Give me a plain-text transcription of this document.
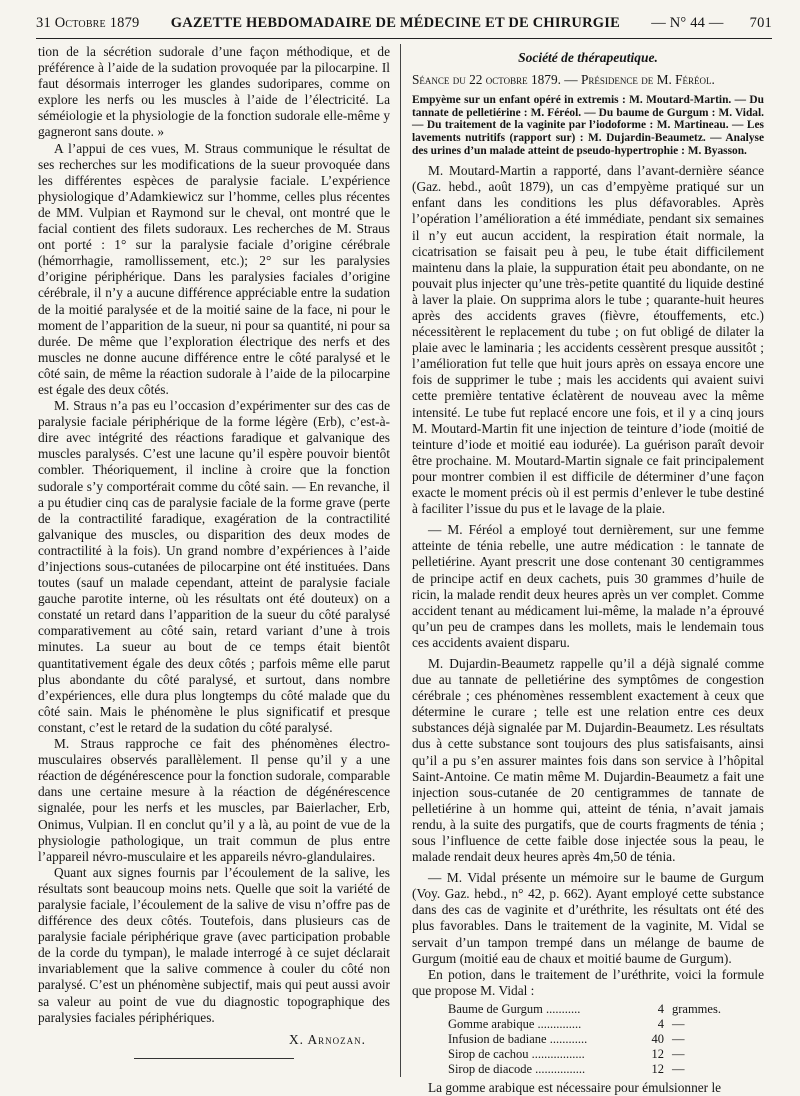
31 Octobre 1879 GAZETTE HEBDOMADAIRE DE MÉDECINE ET DE CHIRURGIE — N° 44 — 701

tion de la sécrétion sudorale d’une façon méthodique, et de préférence à l’aide de la sudation provoquée par la pilocarpine. Il faut désormais interroger les glandes sudoripares, comme on explore les nerfs ou les muscles à l’aide de l’électricité. La séméiologie et la physiologie de la fonction sudorale elle-même y gagneront sans doute. »

A l’appui de ces vues, M. Straus communique le résultat de ses recherches sur les modifications de la sueur provoquée dans les différentes espèces de paralysie faciale. L’expérience physiologique d’Adamkiewicz sur l’homme, celles plus récentes de MM. Vulpian et Raymond sur le cheval, ont montré que le facial contient des filets sudoraux. Les recherches de M. Straus ont porté : 1° sur la paralysie faciale d’origine cérébrale (hémorrhagie, ramollissement, etc.); 2° sur les paralysies d’origine périphérique. Dans les paralysies faciales d’origine cérébrale, il n’y a aucune différence appréciable entre la sudation de la moitié paralysée et de la moitié saine de la face, ni pour le moment de l’apparition de la sueur, ni pour sa quantité, ni pour sa durée. De même que l’exploration électrique des nerfs et des muscles ne donne aucune différence entre le côté paralysé et le côté sain, de même la réaction sudorale à l’aide de la pilocarpine est égale des deux côtés.

M. Straus n’a pas eu l’occasion d’expérimenter sur des cas de paralysie faciale périphérique de la forme légère (Erb), c’est-à-dire avec intégrité des réactions faradique et galvanique des muscles paralysés. C’est une lacune qu’il espère pouvoir bientôt combler. Théoriquement, il incline à croire que la fonction sudorale s’y comportérait comme du côté sain. — En revanche, il a pu étudier cinq cas de paralysie faciale de la forme grave (perte de la contractilité faradique, exagération de la contractilité galvanique des muscles, ou disparition des deux modes de contractilité à la fois). Un grand nombre d’expériences à l’aide d’injections sous-cutanées de pilocarpine ont été instituées. Dans toutes (sauf un malade cependant, atteint de paralysie faciale gauche parotite interne, où les résultats ont été douteux) on a constaté un retard dans l’apparition de la sueur du côté paralysé comparativement au côté sain, retard variant d’une à trois minutes. La sueur au bout de ce temps était bientôt quantitativement égale des deux côtés ; parfois même elle parut plus abondante du côté paralysé, et surtout, dans nombre d’expériences, elle dura plus longtemps du côté malade que du côté sain. Mais le phénomène le plus significatif et presque constant, c’est le retard de la sudation du côté paralysé.

M. Straus rapproche ce fait des phénomènes électro-musculaires observés parallèlement. Il pense qu’il y a une réaction de dégénérescence pour la fonction sudorale, comparable dans une certaine mesure à la réaction de dégénérescence signalée, pour les nerfs et les muscles, par Baierlacher, Erb, Onimus, Vulpian. Il en conclut qu’il y a là, au point de vue de la physiologie pathologique, un trait commun de plus entre l’appareil névro-musculaire et les appareils névro-glandulaires.

Quant aux signes fournis par l’écoulement de la salive, les résultats sont beaucoup moins nets. Quelle que soit la variété de paralysie faciale, l’écoulement de la salive de visu n’offre pas de différence des deux côtés. Toutefois, dans plusieurs cas de paralysie faciale périphérique grave (avec participation probable de la corde du tympan), le malade interrogé à ce sujet déclarait invariablement que la salive commence à couler du côté non paralysé. C’est un phénomène subjectif, mais qui peut aussi avoir sa valeur au point de vue du diagnostic topographique des paralysies faciales périphériques.

X. Arnozan.
Société de thérapeutique.

Séance du 22 octobre 1879. — Présidence de M. Féréol.

Empyème sur un enfant opéré in extremis : M. Moutard-Martin. — Du tannate de pelletiérine : M. Féréol. — Du baume de Gurgum : M. Vidal. — Du traitement de la vaginite par l’iodoforme : M. Martineau. — Les lavements nutritifs (rapport sur) : M. Dujardin-Beaumetz. — Analyse des urines d’un malade atteint de pseudo-hypertrophie : M. Byasson.

M. Moutard-Martin a rapporté, dans l’avant-dernière séance (Gaz. hebd., août 1879), un cas d’empyème pratiqué sur un enfant dans les conditions les plus défavorables. Après l’opération l’amélioration a été immédiate, pendant six semaines il n’y eut aucun accident, la respiration était normale, la cicatrisation se faisait peu à peu, le tube était difficilement maintenu dans la plaie, la suppuration était peu abondante, on ne pouvait plus injecter qu’une très-petite quantité du liquide destiné à laver la plaie. On supprima alors le tube ; quarante-huit heures après des accidents graves (fièvre, étouffements, etc.) nécessitèrent le replacement du tube ; on fut obligé de dilater la plaie avec le laminaria ; les accidents cessèrent presque aussitôt ; l’amélioration fut telle que huit jours après on essaya encore une fois de supprimer le tube ; mais les accidents qui avaient suivi cette première tentative éclatèrent de nouveau avec la même intensité. Le tube fut replacé encore une fois, et il y a cinq jours M. Moutard-Martin fit une injection de teinture d’iode (moitié de teinture d’iode et moitié eau iodurée). La guérison paraît devoir être prochaine. M. Moutard-Martin signale ce fait principalement pour montrer combien il est difficile de déterminer d’une façon exacte le moment précis où il est permis d’enlever le tube destiné à faciliter l’issue du pus et le lavage de la plaie.

— M. Féréol a employé tout dernièrement, sur une femme atteinte de ténia rebelle, une autre médication : le tannate de pelletiérine. Ayant prescrit une dose contenant 30 centigrammes de principe actif en deux cachets, puis 30 grammes d’huile de ricin, la malade rendit deux heures après un ver complet. Comme accident tenant au médicament lui-même, la malade n’a éprouvé qu’un peu de crampes dans les mollets, mais le lendemain tous ces accidents avaient disparu.

M. Dujardin-Beaumetz rappelle qu’il a déjà signalé comme due au tannate de pelletiérine des symptômes de congestion cérébrale ; ces phénomènes ressemblent exactement à ceux que détermine le curare ; telle est une relation entre ces deux substances déjà signalée par M. Dujardin-Beaumetz. Les résultats dus à cette substance sont toujours des plus satisfaisants, ainsi qu’il a pu s’en assurer maintes fois dans son service à l’hôpital Saint-Antoine. Ce matin même M. Dujardin-Beaumetz a fait une injection sous-cutanée de 20 centigrammes de tannate de pelletiérine à un homme qui, atteint de ténia, n’avait jamais rendu, à la suite des purgatifs, que de courts fragments de ténia ; sous l’influence de cette faible dose injectée sous la peau, le malade rendait deux heures après 4m,50 de ténia.

— M. Vidal présente un mémoire sur le baume de Gurgum (Voy. Gaz. hebd., n° 42, p. 662). Ayant employé cette substance dans des cas de vaginite et d’uréthrite, les résultats ont été des plus favorables. Dans le traitement de la vaginite, M. Vidal se servait d’un tampon trempé dans un mélange de baume de Gurgum (moitié eau de chaux et moitié baume de Gurgum).

En potion, dans le traitement de l’uréthrite, voici la formule que propose M. Vidal :

Baume de Gurgum ...........	4 grammes.
Gomme arabique ..............	4 —
Infusion de badiane ............	40 —
Sirop de cachou .................	12 —
Sirop de diacode ................	12 —

La gomme arabique est nécessaire pour émulsionner le
